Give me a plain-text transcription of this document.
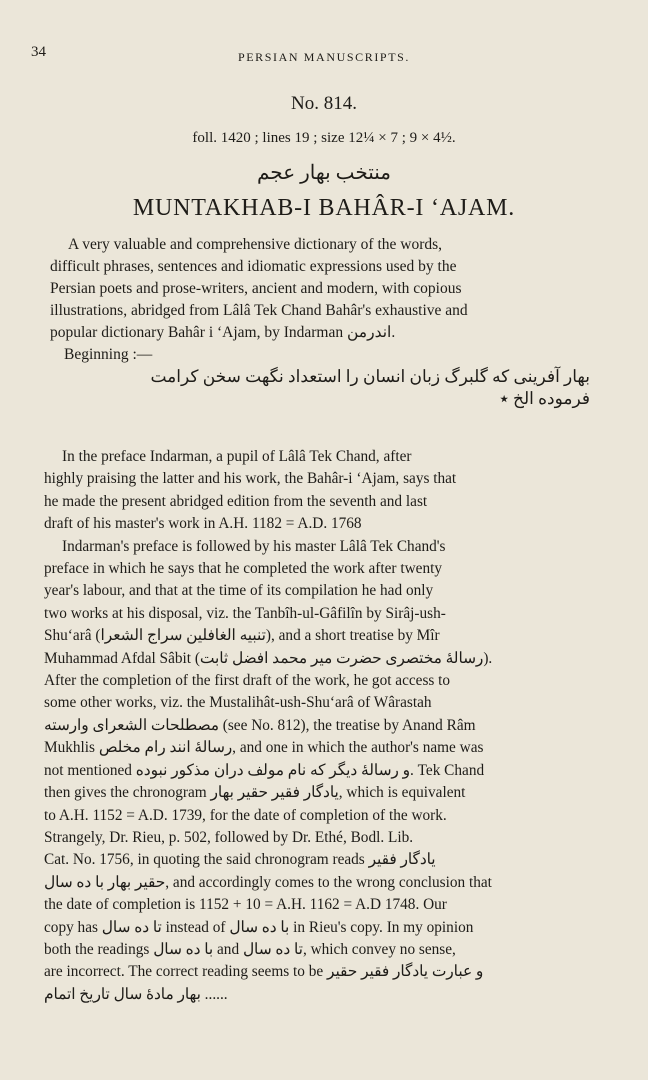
34	PERSIAN MANUSCRIPTS.
No. 814.
foll. 1420 ; lines 19 ; size 12¼ × 7 ; 9 × 4½.
منتخب بهار عجم
MUNTAKHAB-I BAHÂR-I ‘AJAM.
A very valuable and comprehensive dictionary of the words,
difficult phrases, sentences and idiomatic expressions used by the
Persian poets and prose-writers, ancient and modern, with copious
illustrations, abridged from Lâlâ Tek Chand Bahâr's exhaustive and
popular dictionary Bahâr i ‘Ajam, by Indarman اندرمن.
Beginning :—
بهار آفرینی که گلبرگ زبان انسان را استعداد نگهت سخن کرامت
فرموده الخ ٭
In the preface Indarman, a pupil of Lâlâ Tek Chand, after
highly praising the latter and his work, the Bahâr-i ‘Ajam, says that
he made the present abridged edition from the seventh and last
draft of his master's work in A.H. 1182 = A.D. 1768
Indarman's preface is followed by his master Lâlâ Tek Chand's
preface in which he says that he completed the work after twenty
year's labour, and that at the time of its compilation he had only
two works at his disposal, viz. the Tanbîh-ul-Gâfilîn by Sirâj-ush-
Shu‘arâ (تنبیه الغافلین سراج الشعرا), and a short treatise by Mîr
Muhammad Afdal Sâbit (رسالهٔ مختصری حضرت میر محمد افضل ثابت).
After the completion of the first draft of the work, he got access to
some other works, viz. the Mustalihât-ush-Shu‘arâ of Wârastah
مصطلحات الشعرای وارسته (see No. 812), the treatise by Anand Râm
Mukhlis رسالهٔ انند رام مخلص, and one in which the author's name was
not mentioned و رسالهٔ دیگر که نام مولف دران مذکور نبوده. Tek Chand
then gives the chronogram یادگار فقیر حقیر بهار, which is equivalent
to A.H. 1152 = A.D. 1739, for the date of completion of the work.
Strangely, Dr. Rieu, p. 502, followed by Dr. Ethé, Bodl. Lib.
Cat. No. 1756, in quoting the said chronogram reads یادگار فقیر
حقیر بهار با ده سال, and accordingly comes to the wrong conclusion that
the date of completion is 1152 + 10 = A.H. 1162 = A.D 1748. Our
copy has تا ده سال instead of با ده سال in Rieu's copy. In my opinion
both the readings با ده سال and تا ده سال, which convey no sense,
are incorrect. The correct reading seems to be و عبارت یادگار فقیر حقیر
بهار مادهٔ سال تاریخ اتمام ......
